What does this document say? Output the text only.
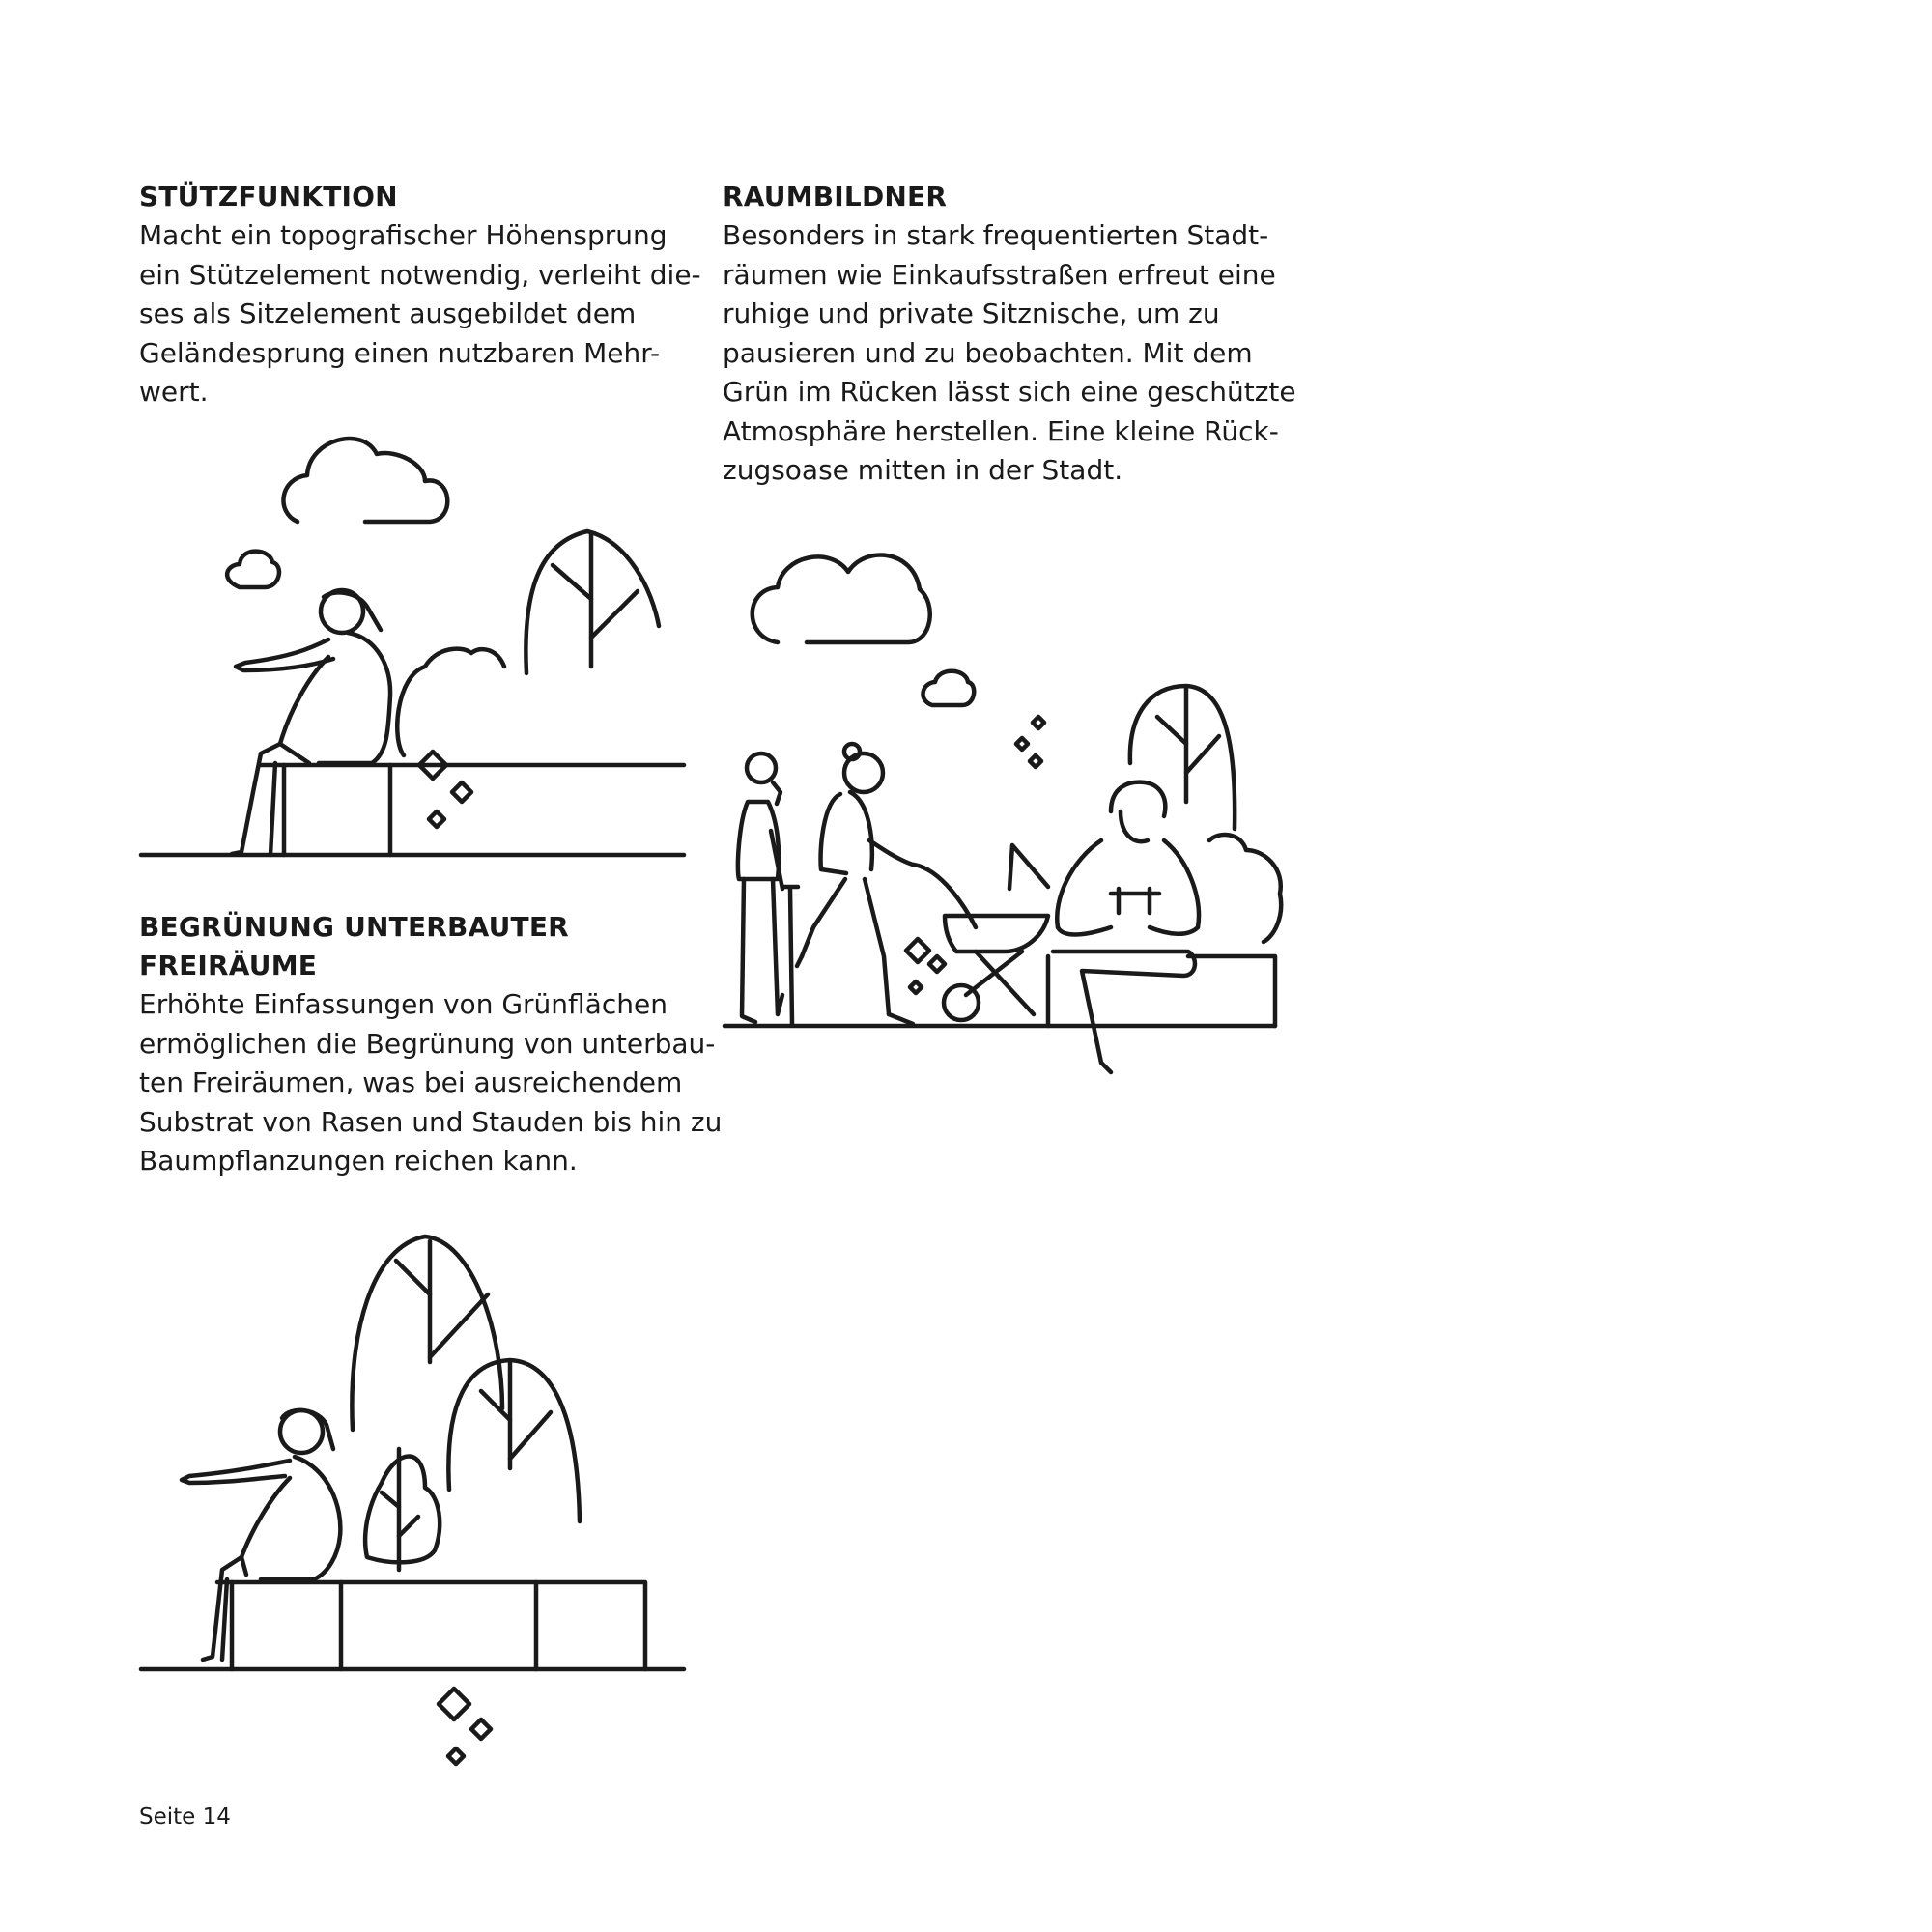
STÜTZFUNKTION

Macht ein topografischer Höhensprung
ein Stützelement notwendig, verleiht die-
ses als Sitzelement ausgebildet dem
Geländesprung einen nutzbaren Mehr-
wert.

RAUMBILDNER

Besonders in stark frequentierten Stadt-
räumen wie Einkaufsstraßen erfreut eine
ruhige und private Sitznische, um zu
pausieren und zu beobachten. Mit dem
Grün im Rücken lässt sich eine geschützte
Atmosphäre herstellen. Eine kleine Rück-
zugsoase mitten in der Stadt.

BEGRÜNUNG UNTERBAUTER

FREIRÄUME

Erhöhte Einfassungen von Grünflächen
ermöglichen die Begrünung von unterbau-
ten Freiräumen, was bei ausreichendem
Substrat von Rasen und Stauden bis hin zu
Baumpflanzungen reichen kann.
Seite 14
